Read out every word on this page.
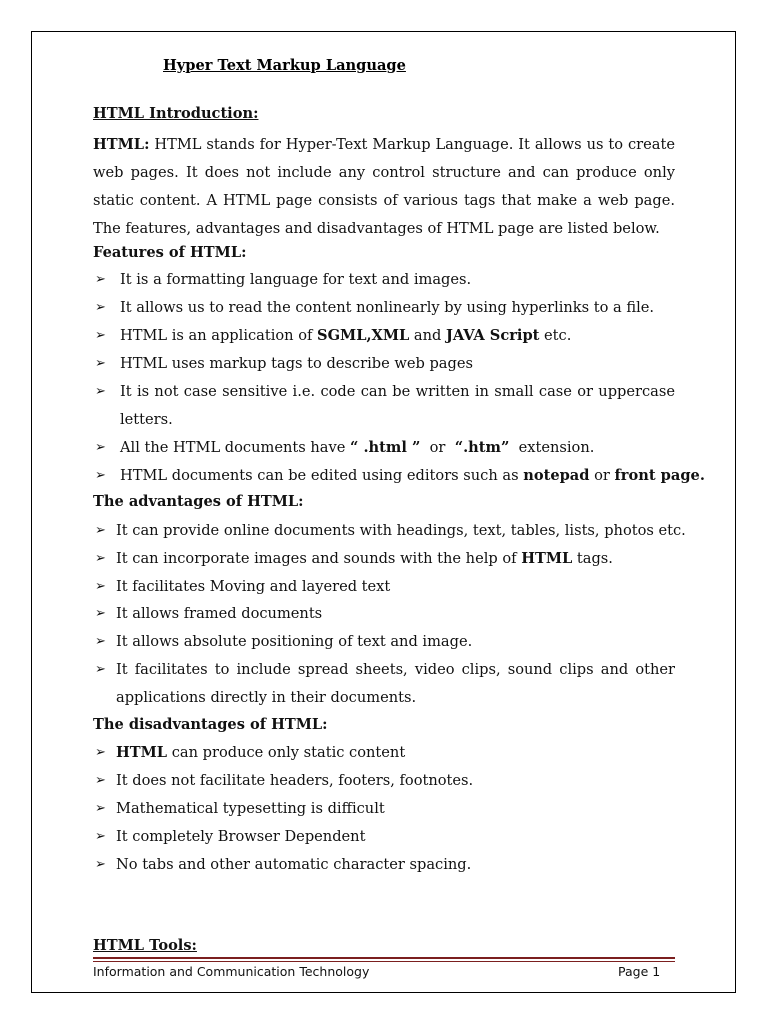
Hyper Text Markup Language
HTML Introduction:
HTML: HTML stands for Hyper-Text Markup Language. It allows us to create web pages. It does not include any control structure and can produce only static content. A HTML page consists of various tags that make a web page. The features, advantages and disadvantages of HTML page are listed below.
Features of HTML:
➢ It is a formatting language for text and images.
➢ It allows us to read the content nonlinearly by using hyperlinks to a file.
➢ HTML is an application of SGML,XML and JAVA Script etc.
➢ HTML uses markup tags to describe web pages
➢ It is not case sensitive i.e. code can be written in small case or uppercase letters.
➢ All the HTML documents have “ .html ”  or  “.htm”  extension.
➢ HTML documents can be edited using editors such as notepad or front page.
The advantages of HTML:
➢ It can provide online documents with headings, text, tables, lists, photos etc.
➢ It can incorporate images and sounds with the help of HTML tags.
➢ It facilitates Moving and layered text
➢ It allows framed documents
➢ It allows absolute positioning of text and image.
➢ It facilitates to include spread sheets, video clips, sound clips and other applications directly in their documents.
The disadvantages of HTML:
➢ HTML can produce only static content
➢ It does not facilitate headers, footers, footnotes.
➢ Mathematical typesetting is difficult
➢ It completely Browser Dependent
➢ No tabs and other automatic character spacing.
HTML Tools:
Information and Communication Technology	Page 1
